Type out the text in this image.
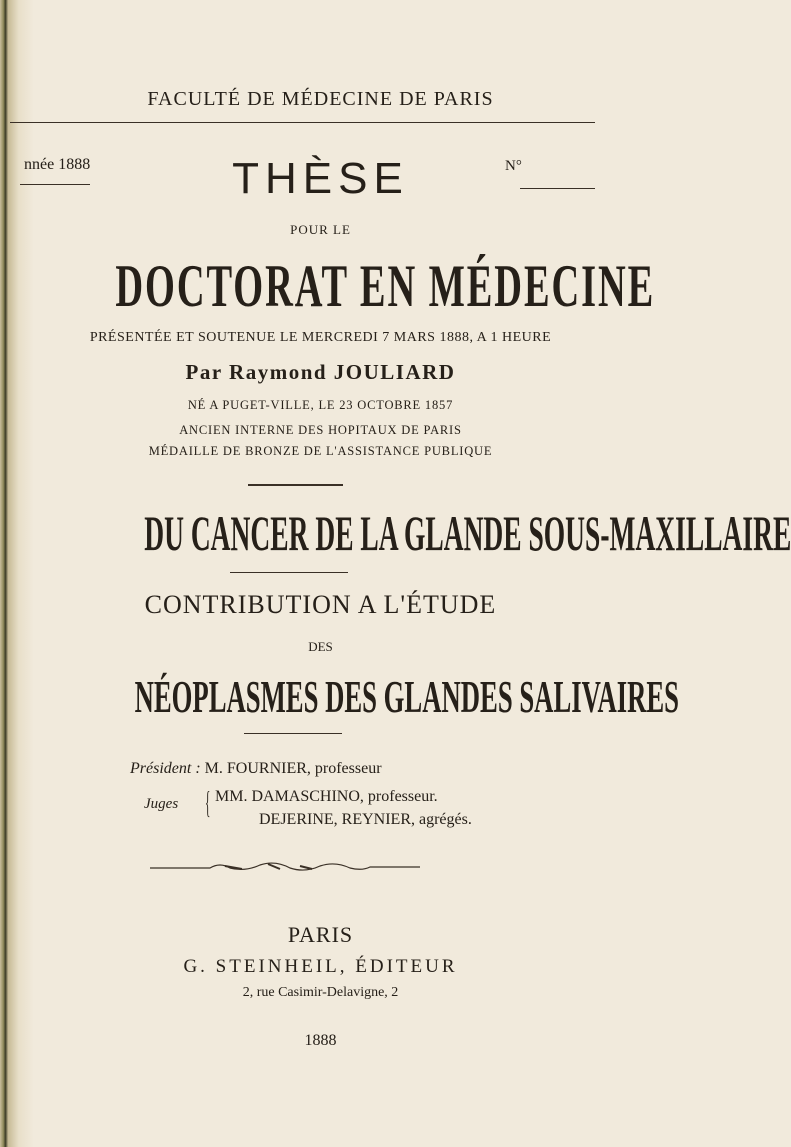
FACULTÉ DE MÉDECINE DE PARIS
 nnée 1888	N°
THÈSE
POUR LE
DOCTORAT EN MÉDECINE
PRÉSENTÉE ET SOUTENUE LE MERCREDI 7 MARS 1888, A 1 HEURE
Par Raymond JOULIARD
NÉ A PUGET-VILLE, LE 23 OCTOBRE 1857
ANCIEN INTERNE DES HOPITAUX DE PARIS
MÉDAILLE DE BRONZE DE L'ASSISTANCE PUBLIQUE
DU CANCER DE LA GLANDE SOUS-MAXILLAIRE
CONTRIBUTION A L'ÉTUDE
DES
NÉOPLASMES DES GLANDES SALIVAIRES
Président : M. FOURNIER, professeur
Juges { MM. DAMASCHINO, professeur.
DEJERINE, REYNIER, agrégés.
PARIS
G. STEINHEIL, ÉDITEUR
2, rue Casimir-Delavigne, 2
1888
